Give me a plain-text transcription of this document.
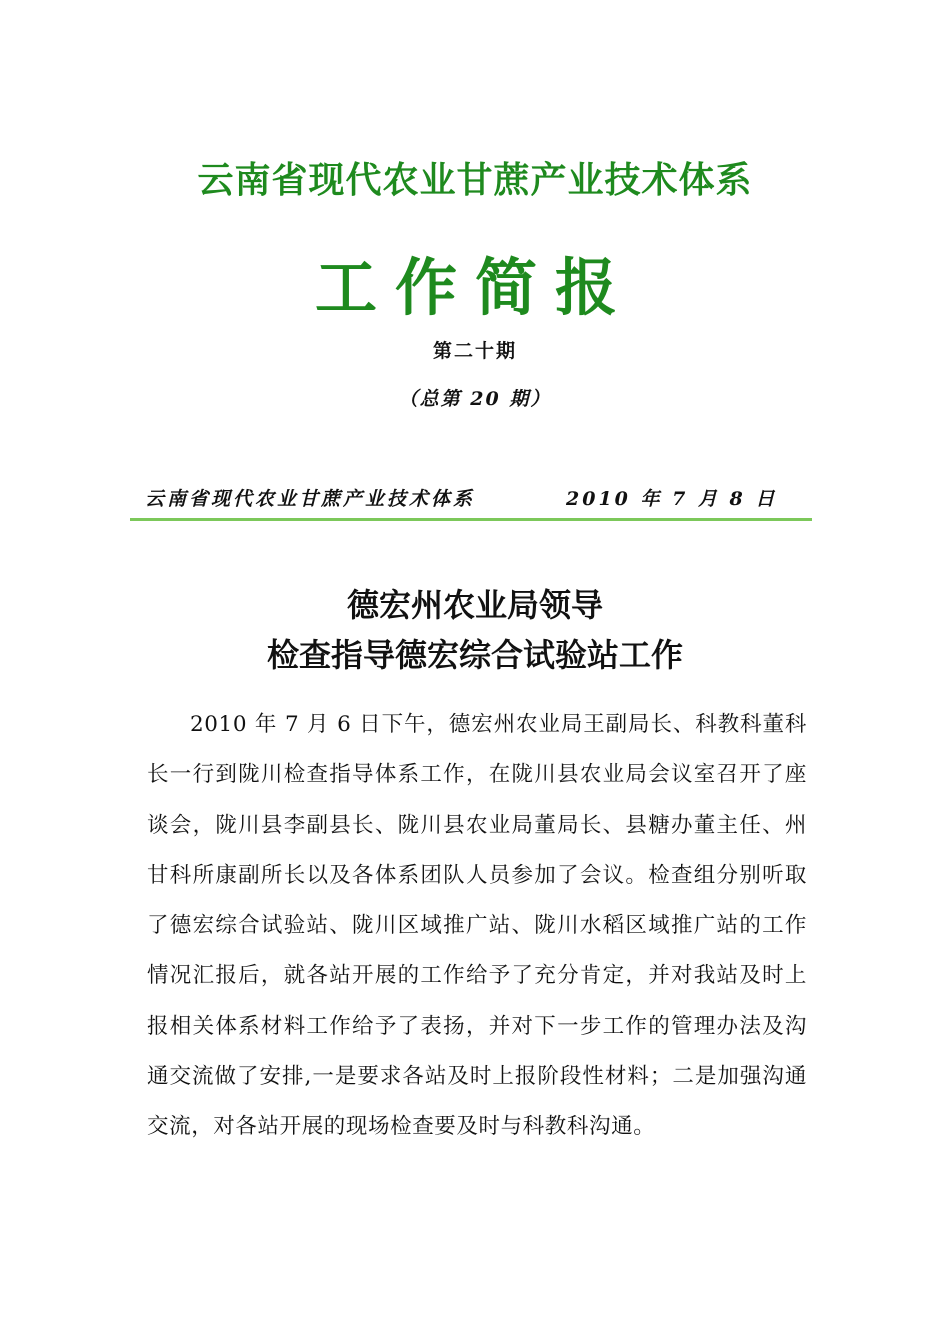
云南省现代农业甘蔗产业技术体系
工作简报
第二十期
（总第 20 期）
云南省现代农业甘蔗产业技术体系	2010 年 7 月 8 日
德宏州农业局领导
检查指导德宏综合试验站工作

2010 年 7 月 6 日下午，德宏州农业局王副局长、科教科董科长一行到陇川检查指导体系工作，在陇川县农业局会议室召开了座谈会，陇川县李副县长、陇川县农业局董局长、县糖办董主任、州甘科所康副所长以及各体系团队人员参加了会议。检查组分别听取了德宏综合试验站、陇川区域推广站、陇川水稻区域推广站的工作情况汇报后，就各站开展的工作给予了充分肯定，并对我站及时上报相关体系材料工作给予了表扬，并对下一步工作的管理办法及沟通交流做了安排,一是要求各站及时上报阶段性材料；二是加强沟通交流，对各站开展的现场检查要及时与科教科沟通。
